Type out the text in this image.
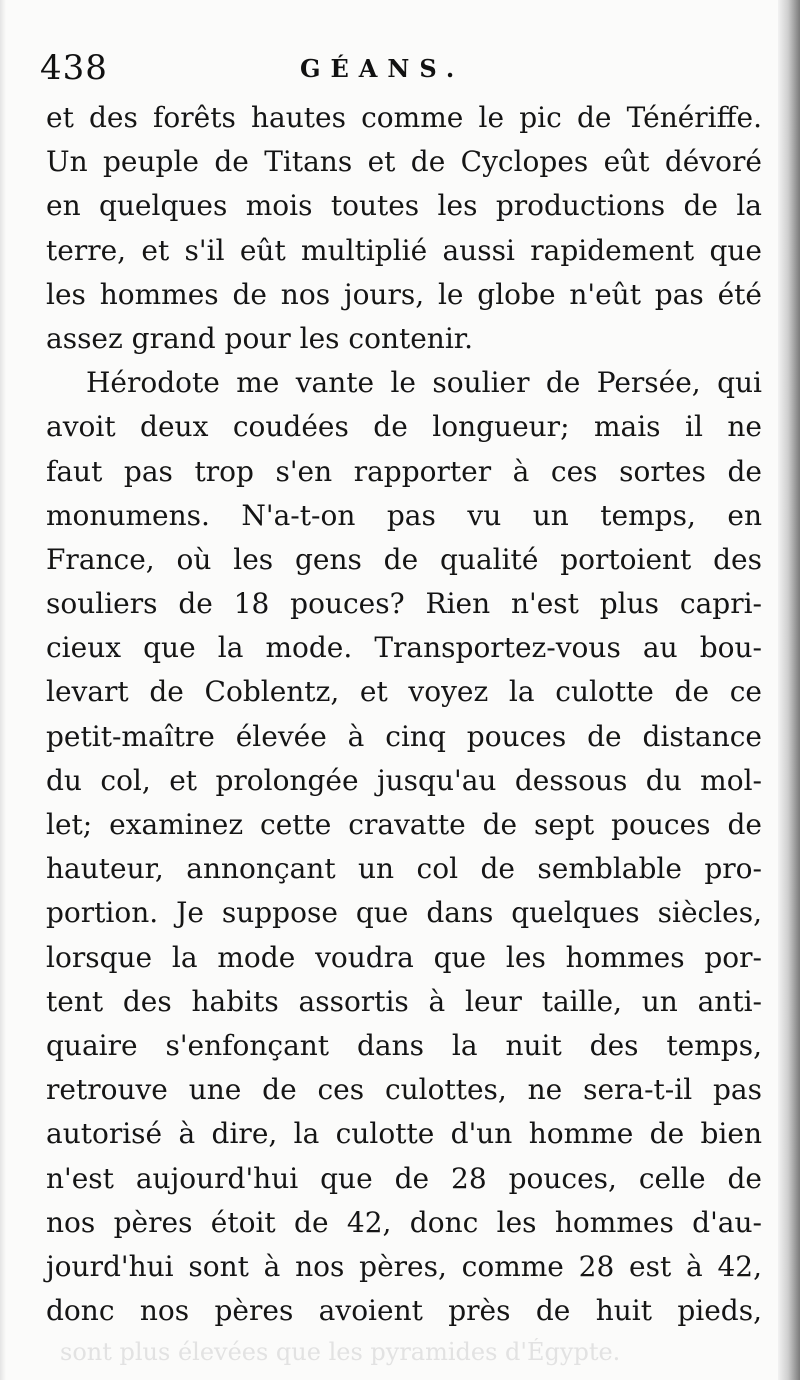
438	GÉANS.
et des forêts hautes comme le pic de Ténériffe.
Un peuple de Titans et de Cyclopes eût dévoré
en quelques mois toutes les productions de la
terre, et s'il eût multiplié aussi rapidement que
les hommes de nos jours, le globe n'eût pas été
assez grand pour les contenir.
Hérodote me vante le soulier de Persée, qui
avoit deux coudées de longueur; mais il ne
faut pas trop s'en rapporter à ces sortes de
monumens. N'a-t-on pas vu un temps, en
France, où les gens de qualité portoient des
souliers de 18 pouces? Rien n'est plus capri-
cieux que la mode. Transportez-vous au bou-
levart de Coblentz, et voyez la culotte de ce
petit-maître élevée à cinq pouces de distance
du col, et prolongée jusqu'au dessous du mol-
let; examinez cette cravatte de sept pouces de
hauteur, annonçant un col de semblable pro-
portion. Je suppose que dans quelques siècles,
lorsque la mode voudra que les hommes por-
tent des habits assortis à leur taille, un anti-
quaire s'enfonçant dans la nuit des temps,
retrouve une de ces culottes, ne sera-t-il pas
autorisé à dire, la culotte d'un homme de bien
n'est aujourd'hui que de 28 pouces, celle de
nos pères étoit de 42, donc les hommes d'au-
jourd'hui sont à nos pères, comme 28 est à 42,
donc nos pères avoient près de huit pieds,
sont plus élevées que les pyramides d'Égypte.
